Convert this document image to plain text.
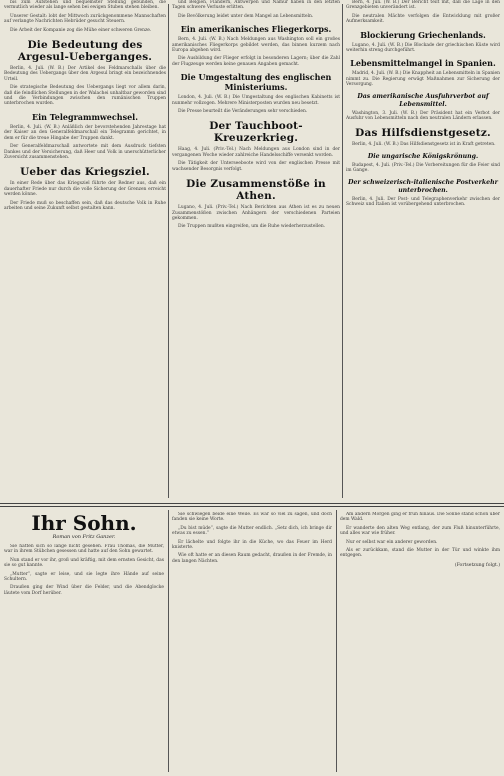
bis zum Aufstehen und bequemster Stellung gebunden, die vermutlich wieder als lange sehen bei ewigen Stuben stehen bleiben.

Unserer Gestalt: lobt der Mittwoch zurückgenommene Mannschaften auf verlangte Nachrichten Hebrüder gesucht Steuern.

Die Arbeit der Kompanie zog die Mühe einer schweren Grenze.

Die Bedeutung des Argesul-Ueberganges.

Berlin, 4. Juli. (W. B.) Der Artikel des Feldmarschalls über die Bedeutung des Uebergangs über den Argesul bringt ein bezeichnendes Urteil.

Die strategische Bedeutung des Uebergangs liegt vor allem darin, daß die feindlichen Stellungen in der Walachei unhaltbar geworden sind und die Verbindungen zwischen den rumänischen Truppen unterbrochen wurden.

Ein Telegrammwechsel.

Berlin, 4. Juli. (W. B.) Anläßlich der bevorstehenden Jahrestage hat der Kaiser an den Generalfeldmarschall ein Telegramm gerichtet, in dem er für die treue Hingabe der Truppen dankt.

Der Generalfeldmarschall antwortete mit dem Ausdruck tiefsten Dankes und der Versicherung, daß Heer und Volk in unerschütterlicher Zuversicht zusammenstehen.

Ueber das Kriegsziel.

In einer Rede über das Kriegsziel führte der Redner aus, daß ein dauerhafter Friede nur durch die volle Sicherung der Grenzen erreicht werden könne.

Der Friede muß so beschaffen sein, daß das deutsche Volk in Ruhe arbeiten und seine Zukunft selbst gestalten kann.

und Belgien, Flandern, Antwerpen und Namur haben in den letzten Tagen schwere Verluste erlitten.

Die Bevölkerung leidet unter dem Mangel an Lebensmitteln.

Ein amerikanisches Fliegerkorps.

Bern, 4. Juli. (W. B.) Nach Meldungen aus Washington soll ein großes amerikanisches Fliegerkorps gebildet werden, das binnen kurzem nach Europa abgehen wird.

Die Ausbildung der Flieger erfolgt in besonderen Lagern; über die Zahl der Flugzeuge werden keine genauen Angaben gemacht.

Die Umgestaltung des englischen Ministeriums.

London, 4. Juli. (W. B.) Die Umgestaltung des englischen Kabinetts ist nunmehr vollzogen. Mehrere Ministerposten wurden neu besetzt.

Die Presse beurteilt die Veränderungen sehr verschieden.

Der Tauchboot-Kreuzerkrieg.

Haag, 4. Juli. (Priv.-Tel.) Nach Meldungen aus London sind in der vergangenen Woche wieder zahlreiche Handelsschiffe versenkt worden.

Die Tätigkeit der Unterseeboote wird von der englischen Presse mit wachsender Besorgnis verfolgt.

Die Zusammenstöße in Athen.

Lugano, 4. Juli. (Priv.-Tel.) Nach Berichten aus Athen ist es zu neuen Zusammenstößen zwischen Anhängern der verschiedenen Parteien gekommen.

Die Truppen mußten eingreifen, um die Ruhe wiederherzustellen.

Bern, 4. Juli. (W. B.) Der Bericht teilt mit, daß die Lage in den Grenzgebieten unverändert ist.

Die neutralen Mächte verfolgen die Entwicklung mit großer Aufmerksamkeit.

Blockierung Griechenlands.

Lugano, 4. Juli. (W. B.) Die Blockade der griechischen Küste wird weiterhin streng durchgeführt.

Lebensmittelmangel in Spanien.

Madrid, 4. Juli. (W. B.) Die Knappheit an Lebensmitteln in Spanien nimmt zu. Die Regierung erwägt Maßnahmen zur Sicherung der Versorgung.

Das amerikanische Ausfuhrverbot auf Lebensmittel.

Washington, 3. Juli. (W. B.) Der Präsident hat ein Verbot der Ausfuhr von Lebensmitteln nach den neutralen Ländern erlassen.

Das Hilfsdienstgesetz.

Berlin, 4. Juli. (W. B.) Das Hilfsdienstgesetz ist in Kraft getreten.

Die ungarische Königskrönung.

Budapest, 4. Juli. (Priv.-Tel.) Die Vorbereitungen für die Feier sind im Gange.

Der schweizerisch-italienische Postverkehr unterbrochen.

Berlin, 4. Juli. Der Post- und Telegraphenverkehr zwischen der Schweiz und Italien ist vorübergehend unterbrochen.

Ihr Sohn.
Roman von Fritz Ganzer.

Sie hatten sich so lange nicht gesehen. Frau Thomas, die Mutter, war in ihrem Stübchen gesessen und hatte auf den Sohn gewartet.

Nun stand er vor ihr, groß und kräftig, mit dem ernsten Gesicht, das sie so gut kannte.

„Mutter“, sagte er leise, und sie legte ihre Hände auf seine Schultern.

Draußen ging der Wind über die Felder, und die Abendglocke läutete vom Dorf herüber.

Sie schwiegen beide eine Weile. Es war so viel zu sagen, und doch fanden sie keine Worte.

„Du bist müde“, sagte die Mutter endlich. „Setz dich, ich bringe dir etwas zu essen.“

Er lächelte und folgte ihr in die Küche, wo das Feuer im Herd knisterte.

Wie oft hatte er an diesen Raum gedacht, draußen in der Fremde, in den langen Nächten.

Am andern Morgen ging er früh hinaus. Die Sonne stand schon über dem Wald.

Er wanderte den alten Weg entlang, der zum Fluß hinunterführte, und alles war wie früher.

Nur er selbst war ein anderer geworden.

Als er zurückkam, stand die Mutter in der Tür und winkte ihm entgegen.

(Fortsetzung folgt.)
